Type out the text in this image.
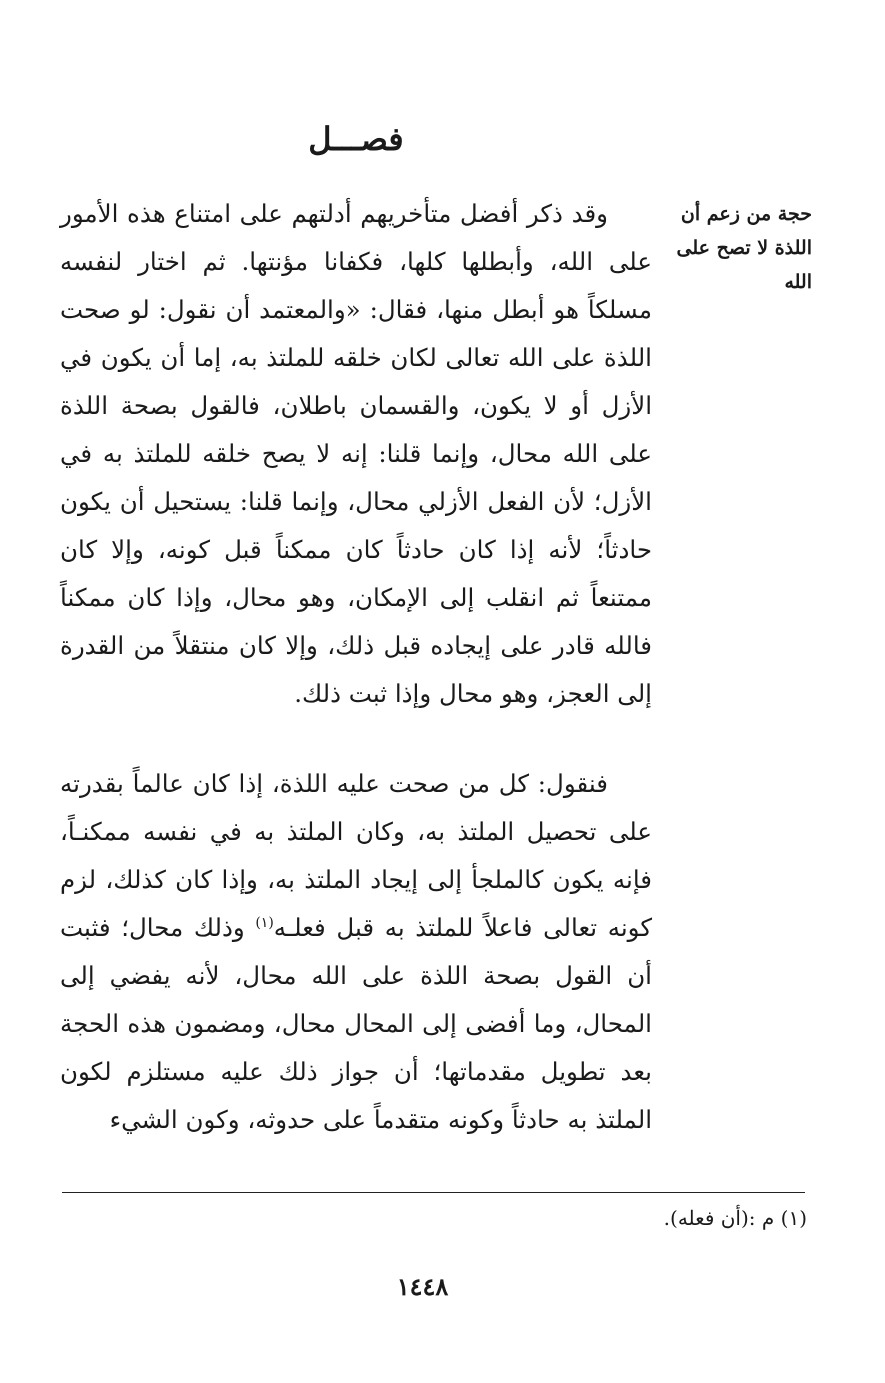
فصـــل
حجة من زعم أن اللذة لا تصح على الله

وقد ذكر أفضل متأخريهم أدلتهم على امتناع هذه الأمور على الله، وأبطلها كلها، فكفانا مؤنتها. ثم اختار لنفسه مسلكاً هو أبطل منها، فقال: «والمعتمد أن نقول: لو صحت اللذة على الله تعالى لكان خلقه للملتذ به، إما أن يكون في الأزل أو لا يكون، والقسمان باطلان، فالقول بصحة اللذة على الله محال، وإنما قلنا: إنه لا يصح خلقه للملتذ به في الأزل؛ لأن الفعل الأزلي محال، وإنما قلنا: يستحيل أن يكون حادثاً؛ لأنه إذا كان حادثاً كان ممكناً قبل كونه، وإلا كان ممتنعاً ثم انقلب إلى الإمكان، وهو محال، وإذا كان ممكناً فالله قادر على إيجاده قبل ذلك، وإلا كان منتقلاً من القدرة إلى العجز، وهو محال وإذا ثبت ذلك.

فنقول: كل من صحت عليه اللذة، إذا كان عالماً بقدرته على تحصيل الملتذ به، وكان الملتذ به في نفسه ممكنـاً، فإنه يكون كالملجأ إلى إيجاد الملتذ به، وإذا كان كذلك، لزم كونه تعالى فاعلاً للملتذ به قبل فعلـه$^{(١)}$ وذلك محال؛ فثبت أن القول بصحة اللذة على الله محال، لأنه يفضي إلى المحال، وما أفضى إلى المحال محال، ومضمون هذه الحجة بعد تطويل مقدماتها؛ أن جواز ذلك عليه مستلزم لكون الملتذ به حادثاً وكونه متقدماً على حدوثه، وكون الشيء

(١) م :(أن فعله).
١٤٤٨
